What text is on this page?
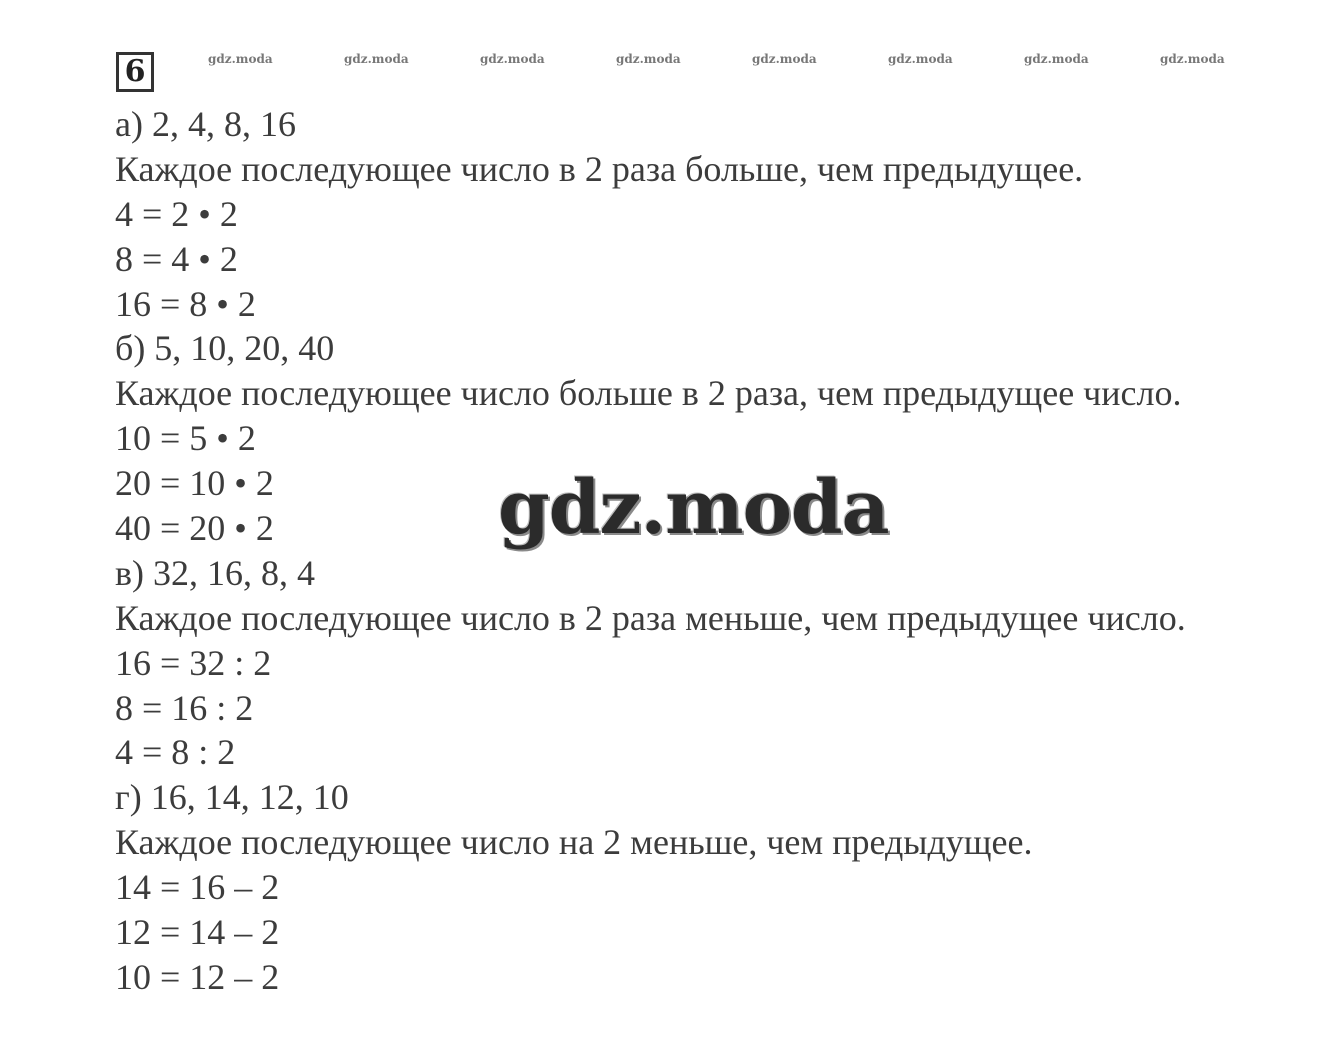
6	gdz.moda	gdz.moda	gdz.moda	gdz.moda	gdz.moda	gdz.moda	gdz.moda	gdz.moda
а) 2, 4, 8, 16
Каждое последующее число в 2 раза больше, чем предыдущее.
4 = 2 • 2
8 = 4 • 2
16 = 8 • 2
б) 5, 10, 20, 40
Каждое последующее число больше в 2 раза, чем предыдущее число.
10 = 5 • 2
20 = 10 • 2
40 = 20 • 2
в) 32, 16, 8, 4
Каждое последующее число в 2 раза меньше, чем предыдущее число.
16 = 32 : 2
8 = 16 : 2
4 = 8 : 2
г) 16, 14, 12, 10
Каждое последующее число на 2 меньше, чем предыдущее.
14 = 16 – 2
12 = 14 – 2
10 = 12 – 2
gdz.moda
